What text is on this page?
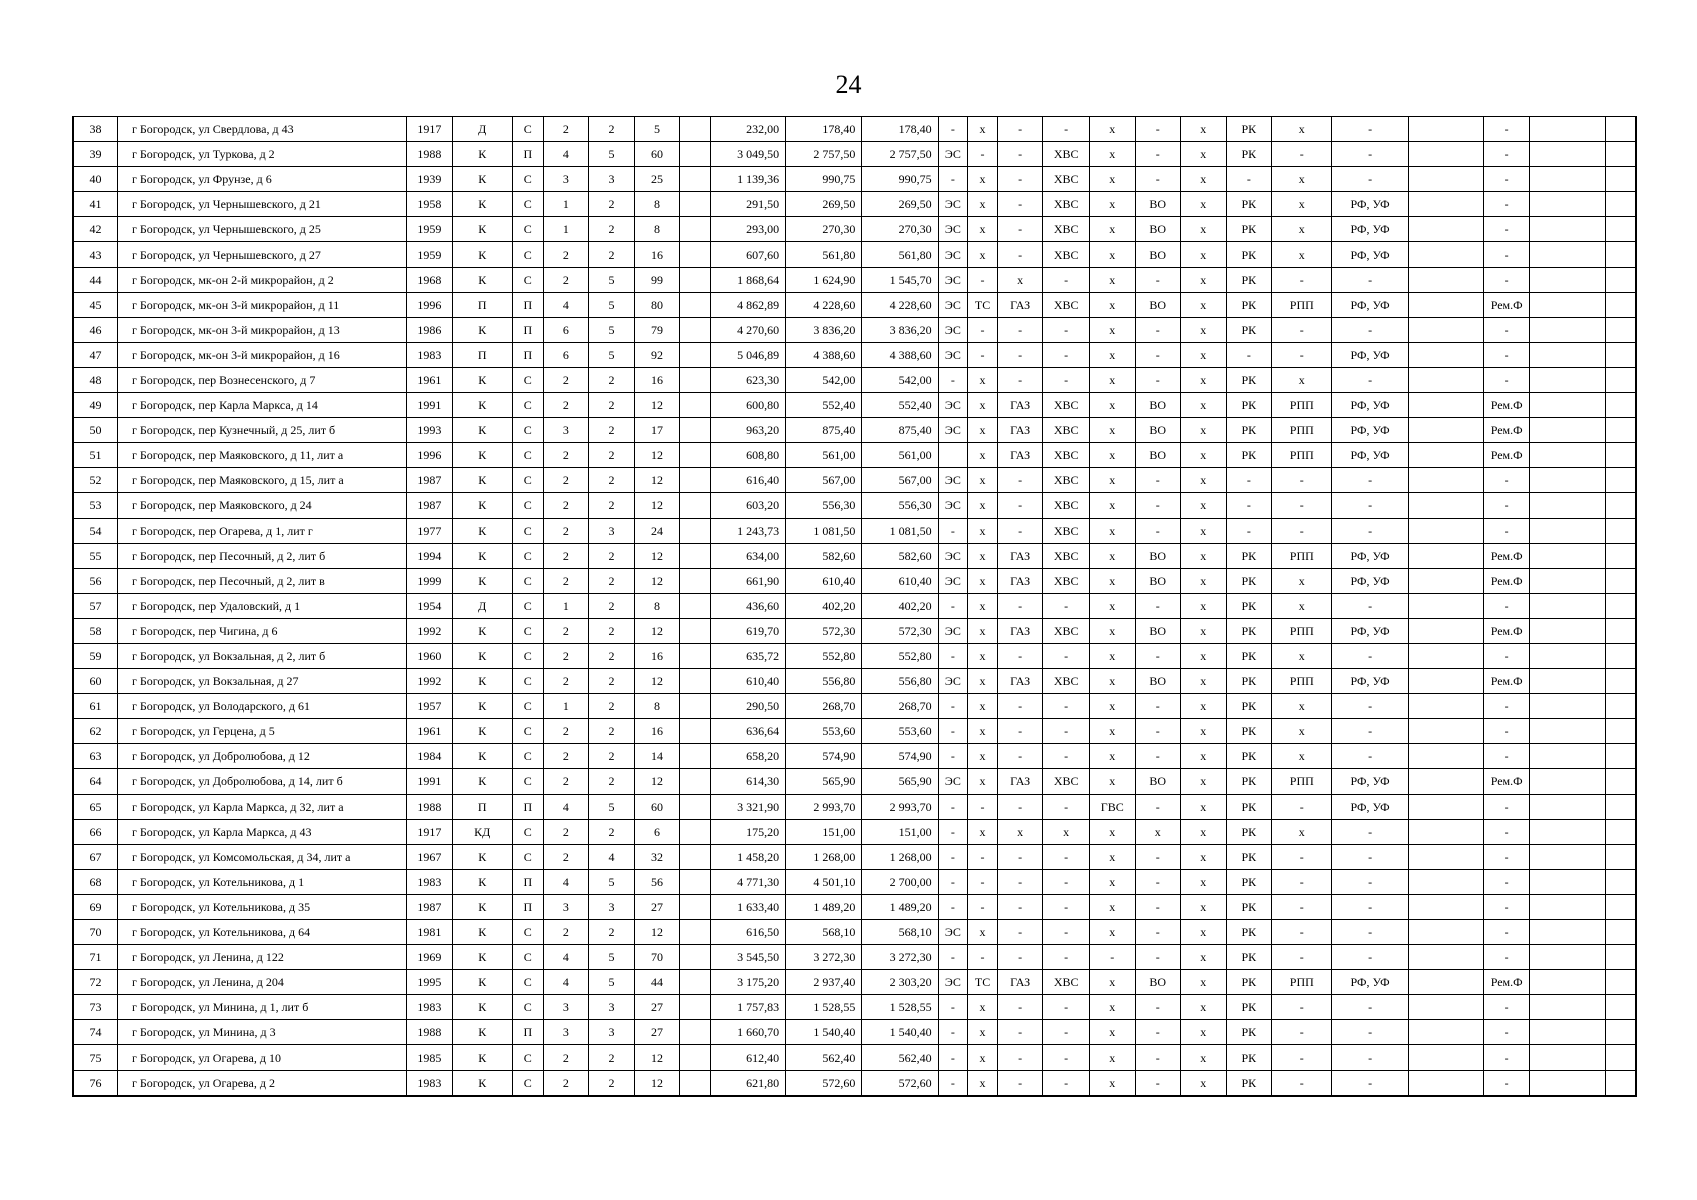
24
38	г Богородск, ул Свердлова, д 43	1917	Д	С	2	2	5		232,00	178,40	178,40	-	х	-	-	х	-	х	РК	х	-		-		
39	г Богородск, ул Туркова, д 2	1988	К	П	4	5	60		3 049,50	2 757,50	2 757,50	ЭС	-	-	ХВС	х	-	х	РК	-	-		-		
40	г Богородск, ул Фрунзе, д 6	1939	К	С	3	3	25		1 139,36	990,75	990,75	-	х	-	ХВС	х	-	х	-	х	-		-		
41	г Богородск, ул Чернышевского, д 21	1958	К	С	1	2	8		291,50	269,50	269,50	ЭС	х	-	ХВС	х	ВО	х	РК	х	РФ, УФ		-		
42	г Богородск, ул Чернышевского, д 25	1959	К	С	1	2	8		293,00	270,30	270,30	ЭС	х	-	ХВС	х	ВО	х	РК	х	РФ, УФ		-		
43	г Богородск, ул Чернышевского, д 27	1959	К	С	2	2	16		607,60	561,80	561,80	ЭС	х	-	ХВС	х	ВО	х	РК	х	РФ, УФ		-		
44	г Богородск, мк-он 2-й микрорайон, д 2	1968	К	С	2	5	99		1 868,64	1 624,90	1 545,70	ЭС	-	х	-	х	-	х	РК	-	-		-		
45	г Богородск, мк-он 3-й микрорайон, д 11	1996	П	П	4	5	80		4 862,89	4 228,60	4 228,60	ЭС	ТС	ГАЗ	ХВС	х	ВО	х	РК	РПП	РФ, УФ		Рем.Ф		
46	г Богородск, мк-он 3-й микрорайон, д 13	1986	К	П	6	5	79		4 270,60	3 836,20	3 836,20	ЭС	-	-	-	х	-	х	РК	-	-		-		
47	г Богородск, мк-он 3-й микрорайон, д 16	1983	П	П	6	5	92		5 046,89	4 388,60	4 388,60	ЭС	-	-	-	х	-	х	-	-	РФ, УФ		-		
48	г Богородск, пер Вознесенского, д 7	1961	К	С	2	2	16		623,30	542,00	542,00	-	х	-	-	х	-	х	РК	х	-		-		
49	г Богородск, пер Карла Маркса, д 14	1991	К	С	2	2	12		600,80	552,40	552,40	ЭС	х	ГАЗ	ХВС	х	ВО	х	РК	РПП	РФ, УФ		Рем.Ф		
50	г Богородск, пер Кузнечный, д 25, лит б	1993	К	С	3	2	17		963,20	875,40	875,40	ЭС	х	ГАЗ	ХВС	х	ВО	х	РК	РПП	РФ, УФ		Рем.Ф		
51	г Богородск, пер Маяковского, д 11, лит а	1996	К	С	2	2	12		608,80	561,00	561,00		х	ГАЗ	ХВС	х	ВО	х	РК	РПП	РФ, УФ		Рем.Ф		
52	г Богородск, пер Маяковского, д 15, лит а	1987	К	С	2	2	12		616,40	567,00	567,00	ЭС	х	-	ХВС	х	-	х	-	-	-		-		
53	г Богородск, пер Маяковского, д 24	1987	К	С	2	2	12		603,20	556,30	556,30	ЭС	х	-	ХВС	х	-	х	-	-	-		-		
54	г Богородск, пер Огарева, д 1, лит г	1977	К	С	2	3	24		1 243,73	1 081,50	1 081,50	-	х	-	ХВС	х	-	х	-	-	-		-		
55	г Богородск, пер Песочный, д 2, лит б	1994	К	С	2	2	12		634,00	582,60	582,60	ЭС	х	ГАЗ	ХВС	х	ВО	х	РК	РПП	РФ, УФ		Рем.Ф		
56	г Богородск, пер Песочный, д 2, лит в	1999	К	С	2	2	12		661,90	610,40	610,40	ЭС	х	ГАЗ	ХВС	х	ВО	х	РК	х	РФ, УФ		Рем.Ф		
57	г Богородск, пер Удаловский, д 1	1954	Д	С	1	2	8		436,60	402,20	402,20	-	х	-	-	х	-	х	РК	х	-		-		
58	г Богородск, пер Чигина, д 6	1992	К	С	2	2	12		619,70	572,30	572,30	ЭС	х	ГАЗ	ХВС	х	ВО	х	РК	РПП	РФ, УФ		Рем.Ф		
59	г Богородск, ул Вокзальная, д 2, лит б	1960	К	С	2	2	16		635,72	552,80	552,80	-	х	-	-	х	-	х	РК	х	-		-		
60	г Богородск, ул Вокзальная, д 27	1992	К	С	2	2	12		610,40	556,80	556,80	ЭС	х	ГАЗ	ХВС	х	ВО	х	РК	РПП	РФ, УФ		Рем.Ф		
61	г Богородск, ул Володарского, д 61	1957	К	С	1	2	8		290,50	268,70	268,70	-	х	-	-	х	-	х	РК	х	-		-		
62	г Богородск, ул Герцена, д 5	1961	К	С	2	2	16		636,64	553,60	553,60	-	х	-	-	х	-	х	РК	х	-		-		
63	г Богородск, ул Добролюбова, д 12	1984	К	С	2	2	14		658,20	574,90	574,90	-	х	-	-	х	-	х	РК	х	-		-		
64	г Богородск, ул Добролюбова, д 14, лит б	1991	К	С	2	2	12		614,30	565,90	565,90	ЭС	х	ГАЗ	ХВС	х	ВО	х	РК	РПП	РФ, УФ		Рем.Ф		
65	г Богородск, ул Карла Маркса, д 32, лит а	1988	П	П	4	5	60		3 321,90	2 993,70	2 993,70	-	-	-	-	ГВС	-	х	РК	-	РФ, УФ		-		
66	г Богородск, ул Карла Маркса, д 43	1917	КД	С	2	2	6		175,20	151,00	151,00	-	х	х	х	х	х	х	РК	х	-		-		
67	г Богородск, ул Комсомольская, д 34, лит а	1967	К	С	2	4	32		1 458,20	1 268,00	1 268,00	-	-	-	-	х	-	х	РК	-	-		-		
68	г Богородск, ул Котельникова, д 1	1983	К	П	4	5	56		4 771,30	4 501,10	2 700,00	-	-	-	-	х	-	х	РК	-	-		-		
69	г Богородск, ул Котельникова, д 35	1987	К	П	3	3	27		1 633,40	1 489,20	1 489,20	-	-	-	-	х	-	х	РК	-	-		-		
70	г Богородск, ул Котельникова, д 64	1981	К	С	2	2	12		616,50	568,10	568,10	ЭС	х	-	-	х	-	х	РК	-	-		-		
71	г Богородск, ул Ленина, д 122	1969	К	С	4	5	70		3 545,50	3 272,30	3 272,30	-	-	-	-	-	-	х	РК	-	-		-		
72	г Богородск, ул Ленина, д 204	1995	К	С	4	5	44		3 175,20	2 937,40	2 303,20	ЭС	ТС	ГАЗ	ХВС	х	ВО	х	РК	РПП	РФ, УФ		Рем.Ф		
73	г Богородск, ул Минина, д 1, лит б	1983	К	С	3	3	27		1 757,83	1 528,55	1 528,55	-	х	-	-	х	-	х	РК	-	-		-		
74	г Богородск, ул Минина, д 3	1988	К	П	3	3	27		1 660,70	1 540,40	1 540,40	-	х	-	-	х	-	х	РК	-	-		-		
75	г Богородск, ул Огарева, д 10	1985	К	С	2	2	12		612,40	562,40	562,40	-	х	-	-	х	-	х	РК	-	-		-		
76	г Богородск, ул Огарева, д 2	1983	К	С	2	2	12		621,80	572,60	572,60	-	х	-	-	х	-	х	РК	-	-		-		
